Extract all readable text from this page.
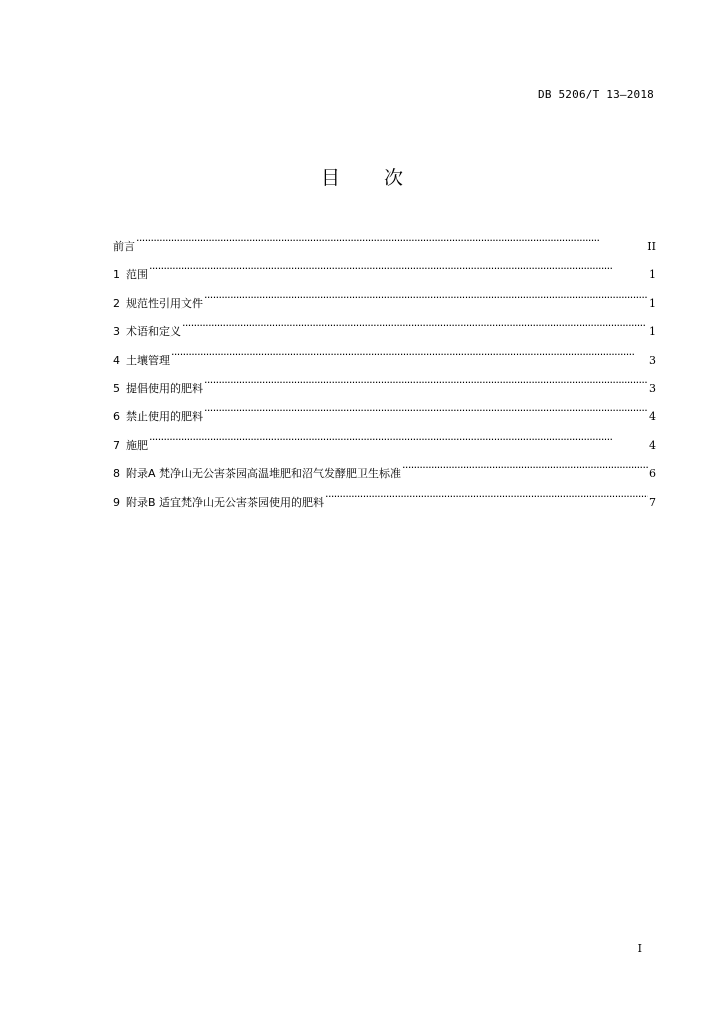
DB 5206/T 13—2018
目次
前言 ·····	II
1 范围 ·····	1
2 规范性引用文件 ·····	1
3 术语和定义 ·····	1
4 土壤管理 ·····	3
5 提倡使用的肥料 ·····	3
6 禁止使用的肥料 ·····	4
7 施肥 ·····	4
8 附录A 梵净山无公害茶园高温堆肥和沼气发酵肥卫生标准 ·····	6
9 附录B 适宜梵净山无公害茶园使用的肥料 ·····	7
I
